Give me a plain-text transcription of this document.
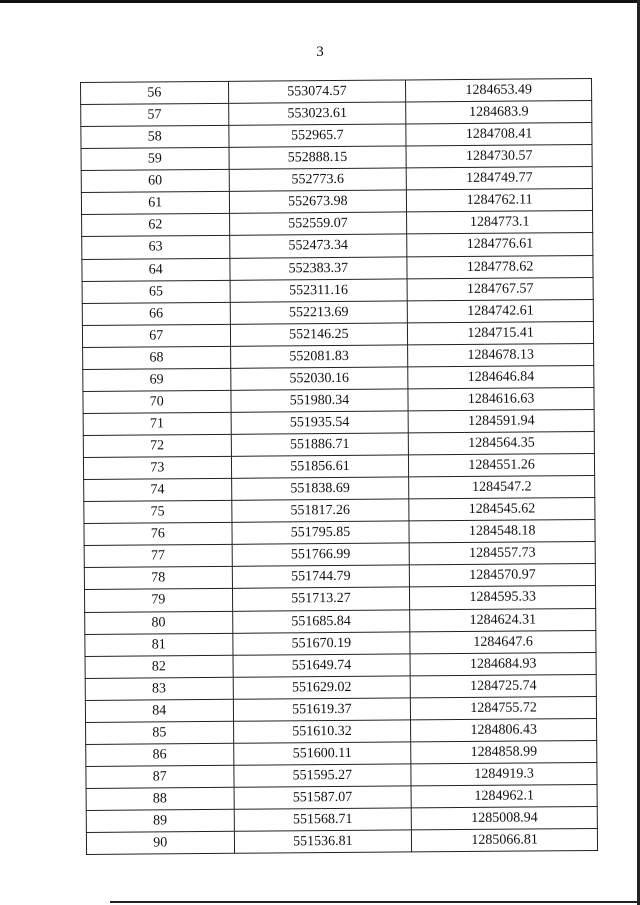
3
56	553074.57	1284653.49
57	553023.61	1284683.9
58	552965.7	1284708.41
59	552888.15	1284730.57
60	552773.6	1284749.77
61	552673.98	1284762.11
62	552559.07	1284773.1
63	552473.34	1284776.61
64	552383.37	1284778.62
65	552311.16	1284767.57
66	552213.69	1284742.61
67	552146.25	1284715.41
68	552081.83	1284678.13
69	552030.16	1284646.84
70	551980.34	1284616.63
71	551935.54	1284591.94
72	551886.71	1284564.35
73	551856.61	1284551.26
74	551838.69	1284547.2
75	551817.26	1284545.62
76	551795.85	1284548.18
77	551766.99	1284557.73
78	551744.79	1284570.97
79	551713.27	1284595.33
80	551685.84	1284624.31
81	551670.19	1284647.6
82	551649.74	1284684.93
83	551629.02	1284725.74
84	551619.37	1284755.72
85	551610.32	1284806.43
86	551600.11	1284858.99
87	551595.27	1284919.3
88	551587.07	1284962.1
89	551568.71	1285008.94
90	551536.81	1285066.81
